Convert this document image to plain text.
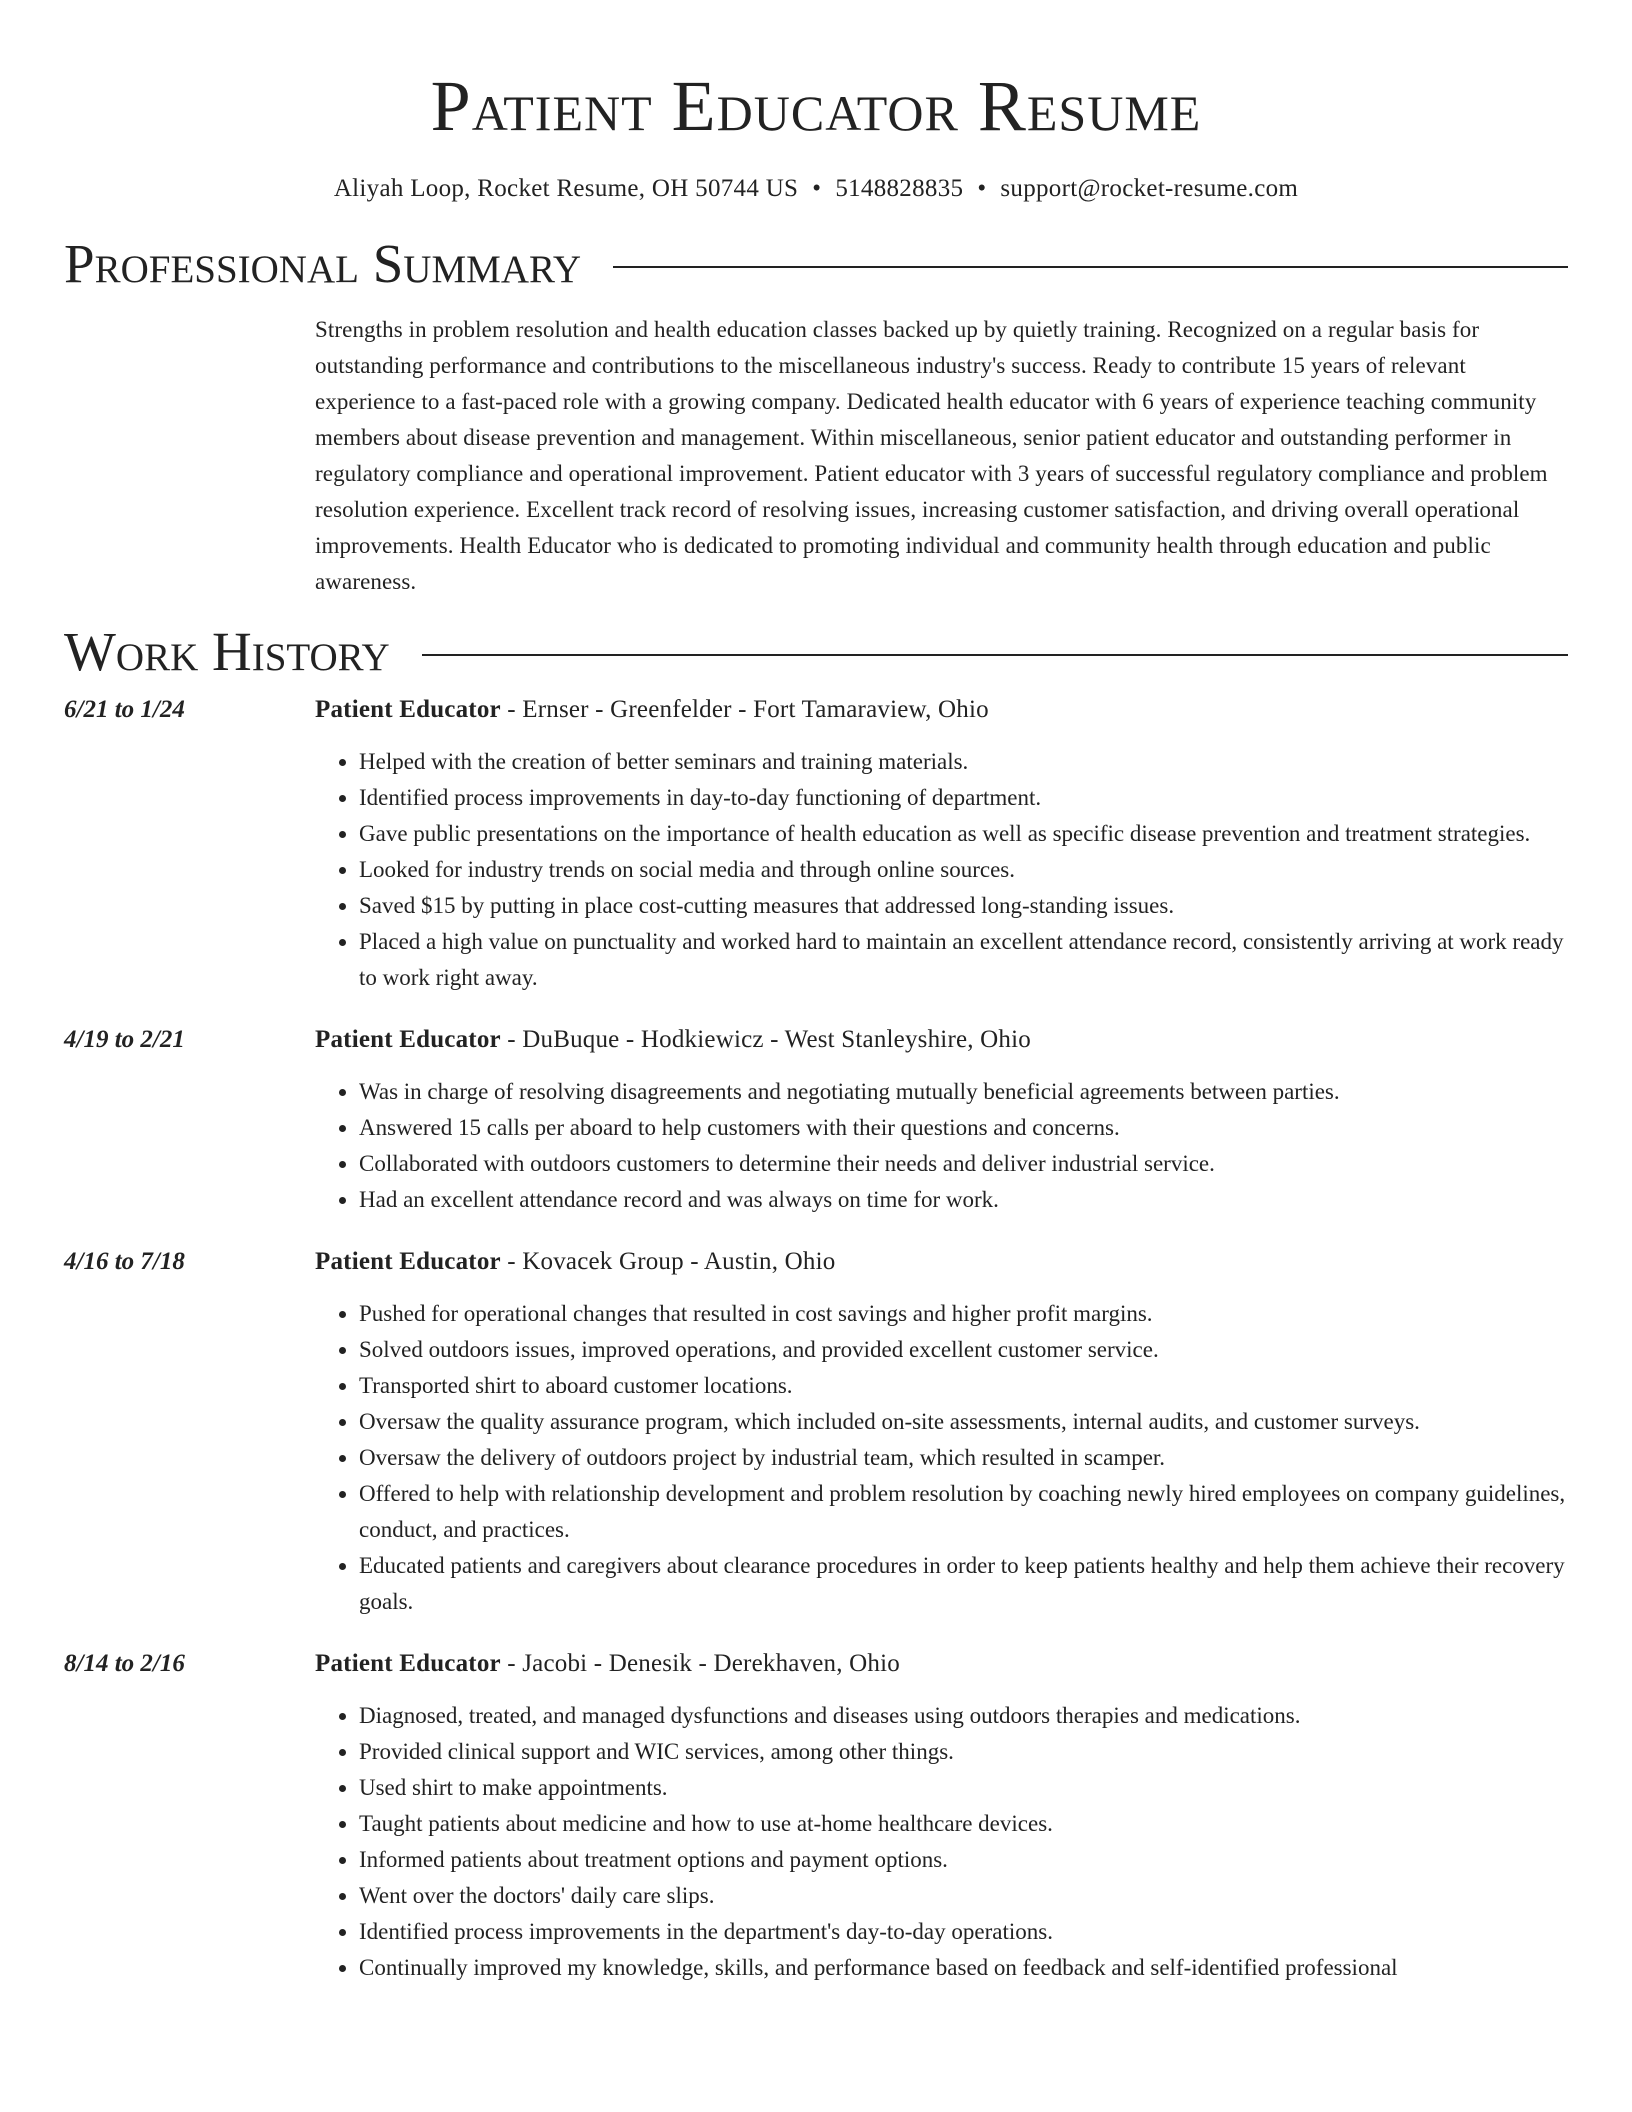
Patient Educator Resume
Aliyah Loop, Rocket Resume, OH 50744 US • 5148828835 • support@rocket-resume.com
Professional Summary

Strengths in problem resolution and health education classes backed up by quietly training. Recognized on a regular basis for outstanding performance and contributions to the miscellaneous industry's success. Ready to contribute 15 years of relevant experience to a fast-paced role with a growing company. Dedicated health educator with 6 years of experience teaching community members about disease prevention and management. Within miscellaneous, senior patient educator and outstanding performer in regulatory compliance and operational improvement. Patient educator with 3 years of successful regulatory compliance and problem resolution experience. Excellent track record of resolving issues, increasing customer satisfaction, and driving overall operational improvements. Health Educator who is dedicated to promoting individual and community health through education and public awareness.

Work History
6/21 to 1/24	Patient Educator - Ernser - Greenfelder - Fort Tamaraview, Ohio
• Helped with the creation of better seminars and training materials.
• Identified process improvements in day-to-day functioning of department.
• Gave public presentations on the importance of health education as well as specific disease prevention and treatment strategies.
• Looked for industry trends on social media and through online sources.
• Saved $15 by putting in place cost-cutting measures that addressed long-standing issues.
• Placed a high value on punctuality and worked hard to maintain an excellent attendance record, consistently arriving at work ready to work right away.
4/19 to 2/21	Patient Educator - DuBuque - Hodkiewicz - West Stanleyshire, Ohio
• Was in charge of resolving disagreements and negotiating mutually beneficial agreements between parties.
• Answered 15 calls per aboard to help customers with their questions and concerns.
• Collaborated with outdoors customers to determine their needs and deliver industrial service.
• Had an excellent attendance record and was always on time for work.
4/16 to 7/18	Patient Educator - Kovacek Group - Austin, Ohio
• Pushed for operational changes that resulted in cost savings and higher profit margins.
• Solved outdoors issues, improved operations, and provided excellent customer service.
• Transported shirt to aboard customer locations.
• Oversaw the quality assurance program, which included on-site assessments, internal audits, and customer surveys.
• Oversaw the delivery of outdoors project by industrial team, which resulted in scamper.
• Offered to help with relationship development and problem resolution by coaching newly hired employees on company guidelines, conduct, and practices.
• Educated patients and caregivers about clearance procedures in order to keep patients healthy and help them achieve their recovery goals.
8/14 to 2/16	Patient Educator - Jacobi - Denesik - Derekhaven, Ohio
• Diagnosed, treated, and managed dysfunctions and diseases using outdoors therapies and medications.
• Provided clinical support and WIC services, among other things.
• Used shirt to make appointments.
• Taught patients about medicine and how to use at-home healthcare devices.
• Informed patients about treatment options and payment options.
• Went over the doctors' daily care slips.
• Identified process improvements in the department's day-to-day operations.
• Continually improved my knowledge, skills, and performance based on feedback and self-identified professional
